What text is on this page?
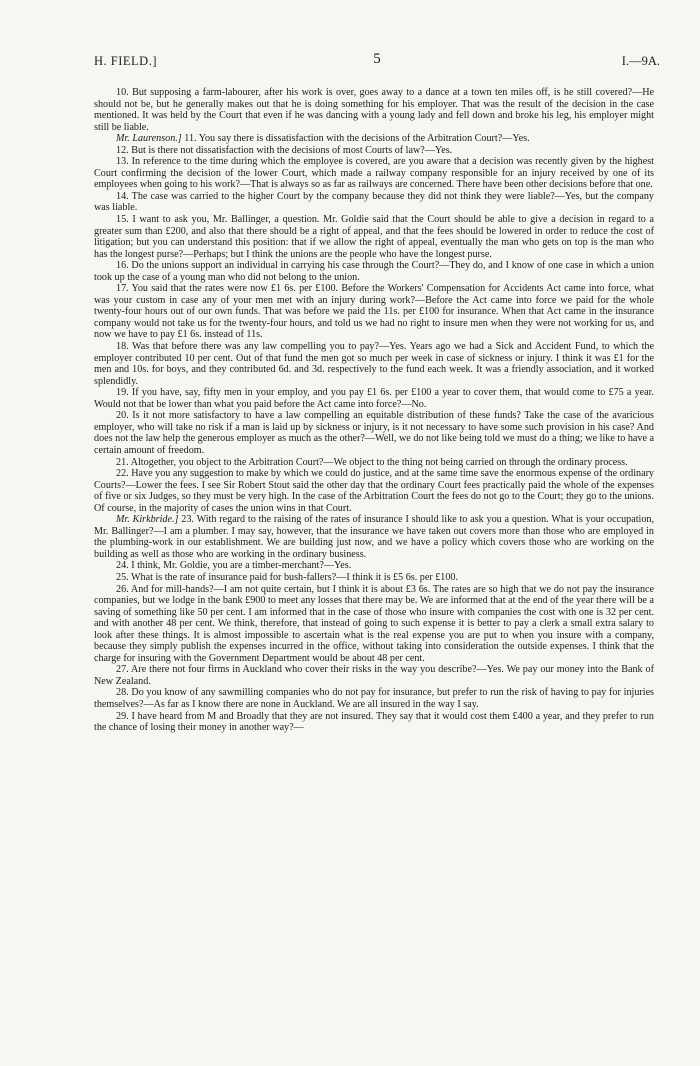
H. FIELD.]	5	I.—9A.

10. But supposing a farm-labourer, after his work is over, goes away to a dance at a town ten miles off, is he still covered?—He should not be, but he generally makes out that he is doing something for his employer. That was the result of the decision in the case mentioned. It was held by the Court that even if he was dancing with a young lady and fell down and broke his leg, his employer might still be liable.

Mr. Laurenson.] 11. You say there is dissatisfaction with the decisions of the Arbitration Court?—Yes.

12. But is there not dissatisfaction with the decisions of most Courts of law?—Yes.

13. In reference to the time during which the employee is covered, are you aware that a decision was recently given by the highest Court confirming the decision of the lower Court, which made a railway company responsible for an injury received by one of its employees when going to his work?—That is always so as far as railways are concerned. There have been other decisions before that one.

14. The case was carried to the higher Court by the company because they did not think they were liable?—Yes, but the company was liable.

15. I want to ask you, Mr. Ballinger, a question. Mr. Goldie said that the Court should be able to give a decision in regard to a greater sum than £200, and also that there should be a right of appeal, and that the fees should be lowered in order to reduce the cost of litigation; but you can understand this position: that if we allow the right of appeal, eventually the man who gets on top is the man who has the longest purse?—Perhaps; but I think the unions are the people who have the longest purse.

16. Do the unions support an individual in carrying his case through the Court?—They do, and I know of one case in which a union took up the case of a young man who did not belong to the union.

17. You said that the rates were now £1 6s. per £100. Before the Workers' Compensation for Accidents Act came into force, what was your custom in case any of your men met with an injury during work?—Before the Act came into force we paid for the whole twenty-four hours out of our own funds. That was before we paid the 11s. per £100 for insurance. When that Act came in the insurance company would not take us for the twenty-four hours, and told us we had no right to insure men when they were not working for us, and now we have to pay £1 6s. instead of 11s.

18. Was that before there was any law compelling you to pay?—Yes. Years ago we had a Sick and Accident Fund, to which the employer contributed 10 per cent. Out of that fund the men got so much per week in case of sickness or injury. I think it was £1 for the men and 10s. for boys, and they contributed 6d. and 3d. respectively to the fund each week. It was a friendly association, and it worked splendidly.

19. If you have, say, fifty men in your employ, and you pay £1 6s. per £100 a year to cover them, that would come to £75 a year. Would not that be lower than what you paid before the Act came into force?—No.

20. Is it not more satisfactory to have a law compelling an equitable distribution of these funds? Take the case of the avaricious employer, who will take no risk if a man is laid up by sickness or injury, is it not necessary to have some such provision in his case? And does not the law help the generous employer as much as the other?—Well, we do not like being told we must do a thing; we like to have a certain amount of freedom.

21. Altogether, you object to the Arbitration Court?—We object to the thing not being carried on through the ordinary process.

22. Have you any suggestion to make by which we could do justice, and at the same time save the enormous expense of the ordinary Courts?—Lower the fees. I see Sir Robert Stout said the other day that the ordinary Court fees practically paid the whole of the expenses of five or six Judges, so they must be very high. In the case of the Arbitration Court the fees do not go to the Court; they go to the unions. Of course, in the majority of cases the union wins in that Court.

Mr. Kirkbride.] 23. With regard to the raising of the rates of insurance I should like to ask you a question. What is your occupation, Mr. Ballinger?—I am a plumber. I may say, however, that the insurance we have taken out covers more than those who are employed in the plumbing-work in our establishment. We are building just now, and we have a policy which covers those who are working on the building as well as those who are working in the ordinary business.

24. I think, Mr. Goldie, you are a timber-merchant?—Yes.

25. What is the rate of insurance paid for bush-fallers?—I think it is £5 6s. per £100.

26. And for mill-hands?—I am not quite certain, but I think it is about £3 6s. The rates are so high that we do not pay the insurance companies, but we lodge in the bank £900 to meet any losses that there may be. We are informed that at the end of the year there will be a saving of something like 50 per cent. I am informed that in the case of those who insure with companies the cost with one is 32 per cent. and with another 48 per cent. We think, therefore, that instead of going to such expense it is better to pay a clerk a small extra salary to look after these things. It is almost impossible to ascertain what is the real expense you are put to when you insure with a company, because they simply publish the expenses incurred in the office, without taking into consideration the outside expenses. I think that the charge for insuring with the Government Department would be about 48 per cent.

27. Are there not four firms in Auckland who cover their risks in the way you describe?—Yes. We pay our money into the Bank of New Zealand.

28. Do you know of any sawmilling companies who do not pay for insurance, but prefer to run the risk of having to pay for injuries themselves?—As far as I know there are none in Auckland. We are all insured in the way I say.

29. I have heard from M and Broadly that they are not insured. They say that it would cost them £400 a year, and they prefer to run the chance of losing their money in another way?—
